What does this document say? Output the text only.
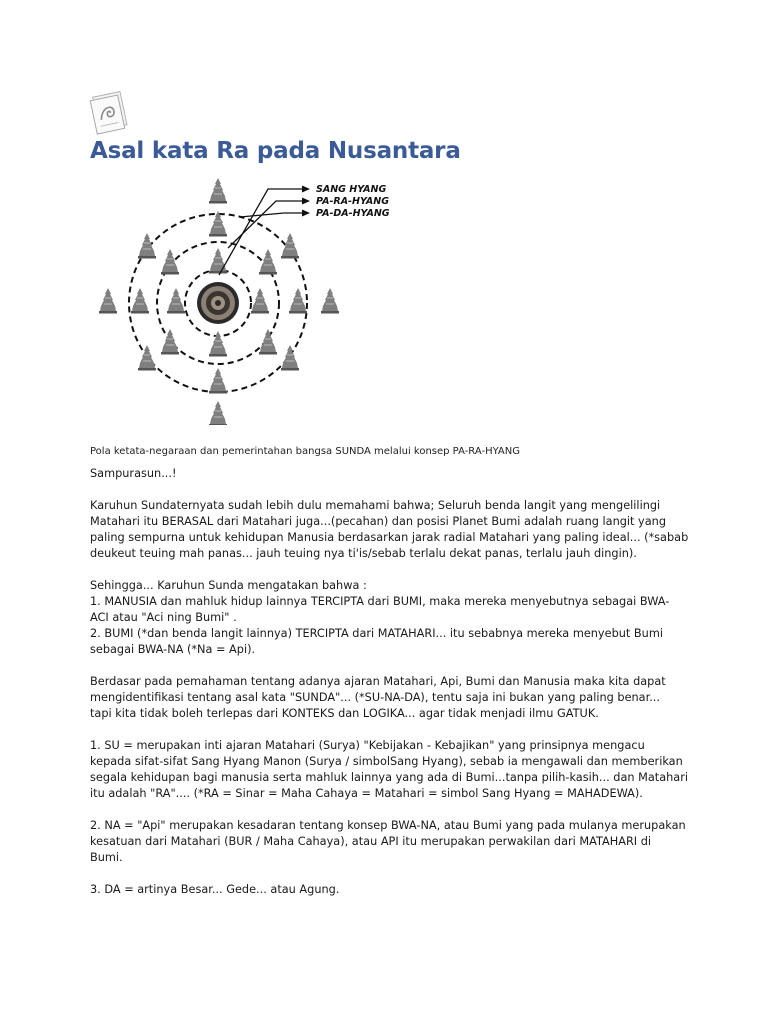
Asal kata Ra pada Nusantara
SANG HYANG
PA-RA-HYANG
PA-DA-HYANG
Pola ketata-negaraan dan pemerintahan bangsa SUNDA melalui konsep PA-RA-HYANG

Sampurasun...!

Karuhun Sundaternyata sudah lebih dulu memahami bahwa; Seluruh benda langit yang mengelilingi
Matahari itu BERASAL dari Matahari juga...(pecahan) dan posisi Planet Bumi adalah ruang langit yang
paling sempurna untuk kehidupan Manusia berdasarkan jarak radial Matahari yang paling ideal... (*sabab
deukeut teuing mah panas... jauh teuing nya ti'is/sebab terlalu dekat panas, terlalu jauh dingin).

Sehingga... Karuhun Sunda mengatakan bahwa :
1. MANUSIA dan mahluk hidup lainnya TERCIPTA dari BUMI, maka mereka menyebutnya sebagai BWA-
ACI atau "Aci ning Bumi" .
2. BUMI (*dan benda langit lainnya) TERCIPTA dari MATAHARI... itu sebabnya mereka menyebut Bumi
sebagai BWA-NA (*Na = Api).

Berdasar pada pemahaman tentang adanya ajaran Matahari, Api, Bumi dan Manusia maka kita dapat
mengidentifikasi tentang asal kata "SUNDA"... (*SU-NA-DA), tentu saja ini bukan yang paling benar...
tapi kita tidak boleh terlepas dari KONTEKS dan LOGIKA... agar tidak menjadi ilmu GATUK.

1. SU = merupakan inti ajaran Matahari (Surya) "Kebijakan - Kebajikan" yang prinsipnya mengacu
kepada sifat-sifat Sang Hyang Manon (Surya / simbolSang Hyang), sebab ia mengawali dan memberikan
segala kehidupan bagi manusia serta mahluk lainnya yang ada di Bumi...tanpa pilih-kasih... dan Matahari
itu adalah "RA".... (*RA = Sinar = Maha Cahaya = Matahari = simbol Sang Hyang = MAHADEWA).

2. NA = "Api" merupakan kesadaran tentang konsep BWA-NA, atau Bumi yang pada mulanya merupakan
kesatuan dari Matahari (BUR / Maha Cahaya), atau API itu merupakan perwakilan dari MATAHARI di
Bumi.

3. DA = artinya Besar... Gede... atau Agung.
